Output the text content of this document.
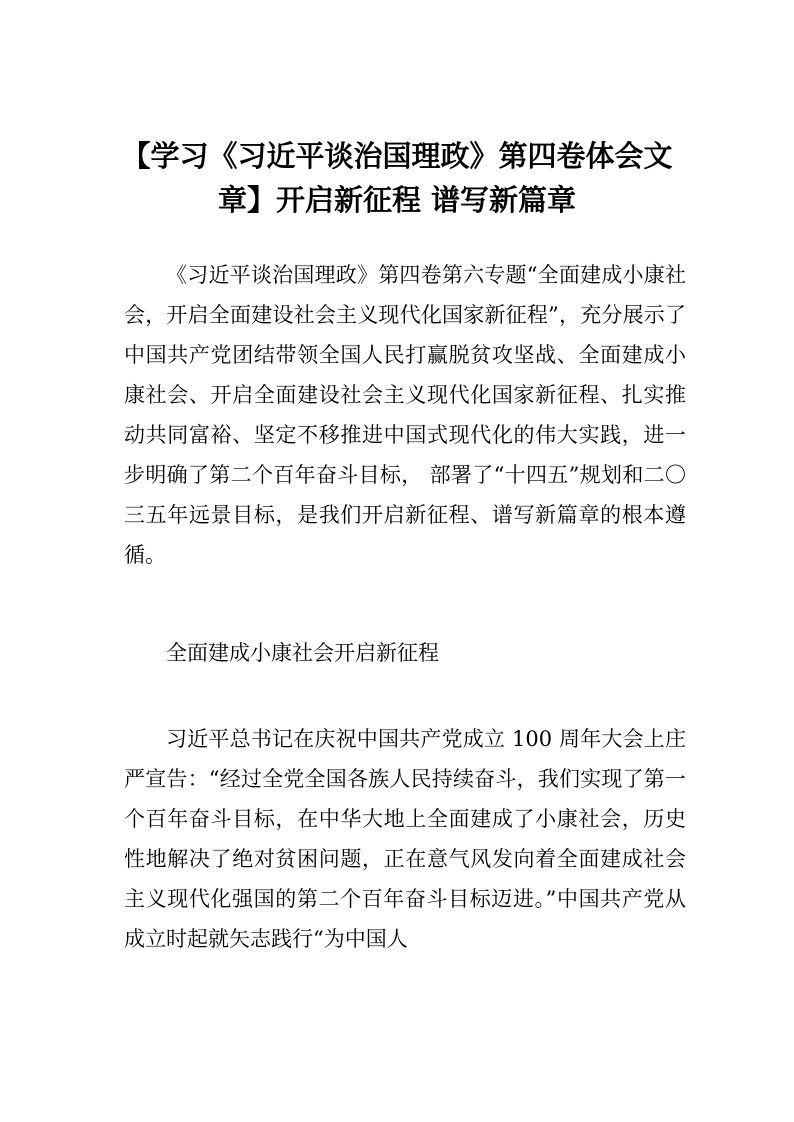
【学习《习近平谈治国理政》第四卷体会文章】开启新征程 谱写新篇章

《习近平谈治国理政》第四卷第六专题“全面建成小康社会，开启全面建设社会主义现代化国家新征程”，充分展示了中国共产党团结带领全国人民打赢脱贫攻坚战、全面建成小康社会、开启全面建设社会主义现代化国家新征程、扎实推动共同富裕、坚定不移推进中国式现代化的伟大实践，进一步明确了第二个百年奋斗目标， 部署了“十四五”规划和二〇三五年远景目标，是我们开启新征程、谱写新篇章的根本遵循。

全面建成小康社会开启新征程

习近平总书记在庆祝中国共产党成立 100 周年大会上庄严宣告：“经过全党全国各族人民持续奋斗，我们实现了第一个百年奋斗目标，在中华大地上全面建成了小康社会，历史性地解决了绝对贫困问题，正在意气风发向着全面建成社会主义现代化强国的第二个百年奋斗目标迈进。”中国共产党从成立时起就矢志践行“为中国人
